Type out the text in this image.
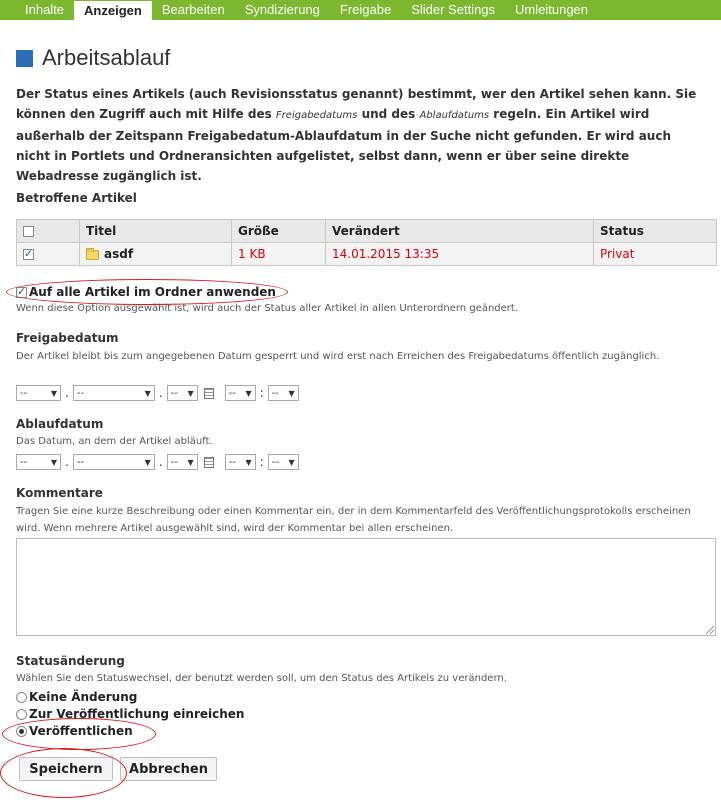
Inhalte	Anzeigen	Bearbeiten	Syndizierung	Freigabe	Slider Settings	Umleitungen
Arbeitsablauf
Der Status eines Artikels (auch Revisionsstatus genannt) bestimmt, wer den Artikel sehen kann. Sie können den Zugriff auch mit Hilfe des Freigabedatums und des Ablaufdatums regeln. Ein Artikel wird außerhalb der Zeitspann Freigabedatum-Ablaufdatum in der Suche nicht gefunden. Er wird auch nicht in Portlets und Ordneransichten aufgelistet, selbst dann, wenn er über seine direkte Webadresse zugänglich ist.
Betroffene Artikel
	Titel	Größe	Verändert	Status
✓	asdf	1 KB	14.01.2015 13:35	Privat
✓
Auf alle Artikel im Ordner anwenden
Wenn diese Option ausgewählt ist, wird auch der Status aller Artikel in allen Unterordnern geändert.
Freigabedatum
Der Artikel bleibt bis zum angegebenen Datum gesperrt und wird erst nach Erreichen des Freigabedatums öffentlich zugänglich.
--	▼ . --	▼ . -- ▼	-- ▼ : -- ▼
Ablaufdatum
Das Datum, an dem der Artikel abläuft.
--	▼ . --	▼ . -- ▼	-- ▼ : -- ▼
Kommentare
Tragen Sie eine kurze Beschreibung oder einen Kommentar ein, der in dem Kommentarfeld des Veröffentlichungsprotokolls erscheinen wird. Wenn mehrere Artikel ausgewählt sind, wird der Kommentar bei allen erscheinen.
Statusänderung
Wählen Sie den Statuswechsel, der benutzt werden soll, um den Status des Artikels zu verändern.
Keine Änderung
Zur Veröffentlichung einreichen
Veröffentlichen
Speichern	Abbrechen
